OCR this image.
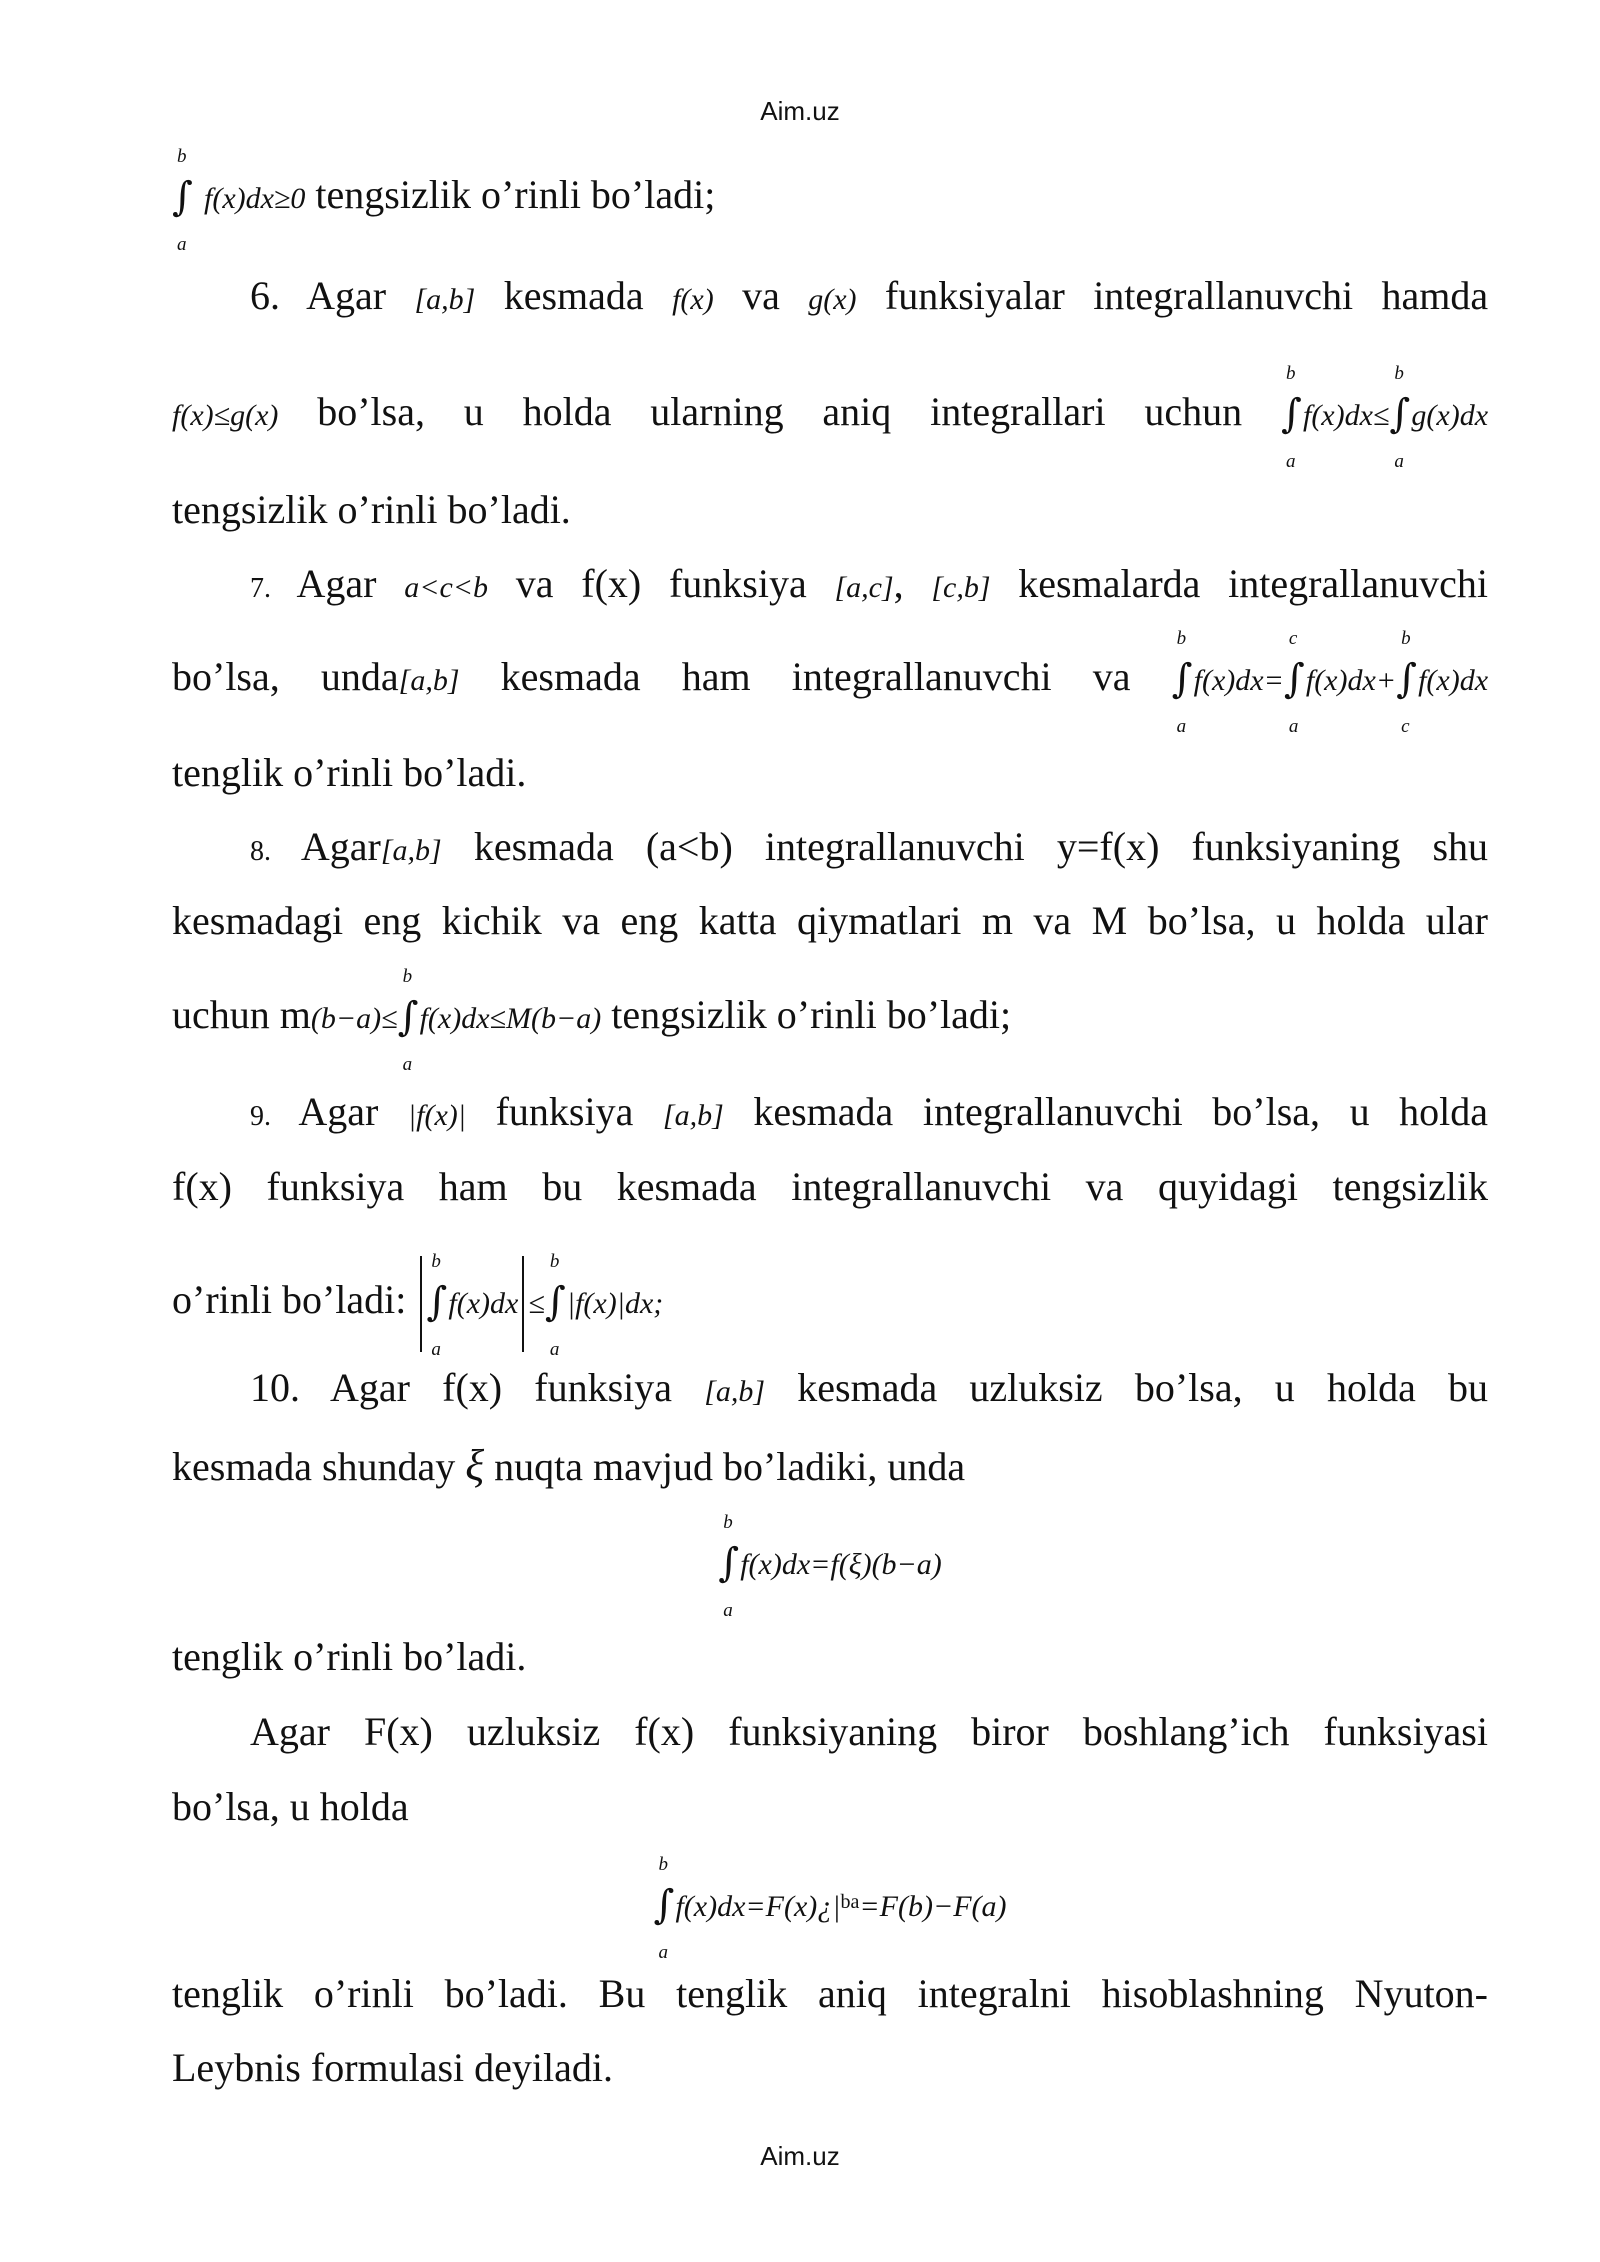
Aim.uz
b
∫
a
f(x)dx≥0 tengsizlik o’rinli bo’ladi;
6. Agar [a,b] kesmada f(x) va g(x) funksiyalar integrallanuvchi hamda
f(x)≤g(x) bo’lsa, u holda ularning aniq integrallari uchun
b
∫
a
f(x)dx≤
b
∫
a
g(x)dx
tengsizlik o’rinli bo’ladi.
7. Agar a<c<b va f(x) funksiya [a,c], [c,b] kesmalarda integrallanuvchi
bo’lsa, unda[a,b] kesmada ham integrallanuvchi va
b
∫
a
f(x)dx=
c
∫
a
f(x)dx+
b
∫
c
f(x)dx
tenglik o’rinli bo’ladi.
8. Agar[a,b] kesmada (a<b) integrallanuvchi y=f(x) funksiyaning shu
kesmadagi eng kichik va eng katta qiymatlari m va M bo’lsa, u holda ular
uchun m(b−a)≤
b
∫
a
f(x)dx≤M(b−a) tengsizlik o’rinli bo’ladi;
9. Agar |f(x)| funksiya [a,b] kesmada integrallanuvchi bo’lsa, u holda
f(x) funksiya ham bu kesmada integrallanuvchi va quyidagi tengsizlik
o’rinli bo’ladi:
b
∫
a
f(x)dx ≤
b
∫
a
|f(x)|dx;
10. Agar f(x) funksiya [a,b] kesmada uzluksiz bo’lsa, u holda bu
kesmada shunday ξ nuqta mavjud bo’ladiki, unda
b
∫
a
f(x)dx=f(ξ)(b−a)
tenglik o’rinli bo’ladi.
Agar F(x) uzluksiz f(x) funksiyaning biror boshlang’ich funksiyasi
bo’lsa, u holda
b
∫
a
$f(x)dx=F(x)¿|^{ba}=F(b)-F(a)$
tenglik o’rinli bo’ladi. Bu tenglik aniq integralni hisoblashning Nyuton-
Leybnis formulasi deyiladi.
Aim.uz
